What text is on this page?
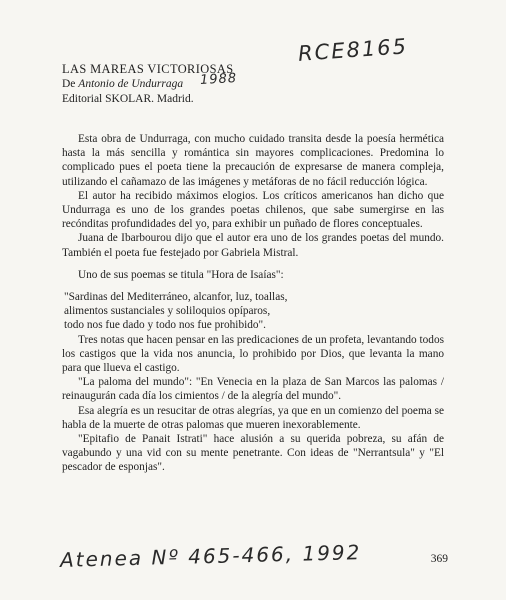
RCE8165
1988
LAS MAREAS VICTORIOSAS
De Antonio de Undurraga
Editorial SKOLAR. Madrid.

Esta obra de Undurraga, con mucho cuidado transita desde la poesía hermética hasta la más sencilla y romántica sin mayores complicaciones. Predomina lo complicado pues el poeta tiene la precaución de expresarse de manera compleja, utilizando el cañamazo de las imágenes y metáforas de no fácil reducción lógica.

El autor ha recibido máximos elogios. Los críticos americanos han dicho que Undurraga es uno de los grandes poetas chilenos, que sabe sumergirse en las recónditas profundidades del yo, para exhibir un puñado de flores conceptuales.

Juana de Ibarbourou dijo que el autor era uno de los grandes poetas del mundo. También el poeta fue festejado por Gabriela Mistral.

Uno de sus poemas se titula "Hora de Isaías":

"Sardinas del Mediterráneo, alcanfor, luz, toallas,

alimentos sustanciales y soliloquios opíparos,

todo nos fue dado y todo nos fue prohibido".

Tres notas que hacen pensar en las predicaciones de un profeta, levantando todos los castigos que la vida nos anuncia, lo prohibido por Dios, que levanta la mano para que llueva el castigo.

"La paloma del mundo": "En Venecia en la plaza de San Marcos las palomas / reinaugurán cada día los cimientos / de la alegría del mundo".

Esa alegría es un resucitar de otras alegrías, ya que en un comienzo del poema se habla de la muerte de otras palomas que mueren inexorablemente.

"Epitafio de Panait Istrati" hace alusión a su querida pobreza, su afán de vagabundo y una vid con su mente penetrante. Con ideas de "Nerrantsula" y "El pescador de esponjas".

Atenea Nº 465-466, 1992	369
